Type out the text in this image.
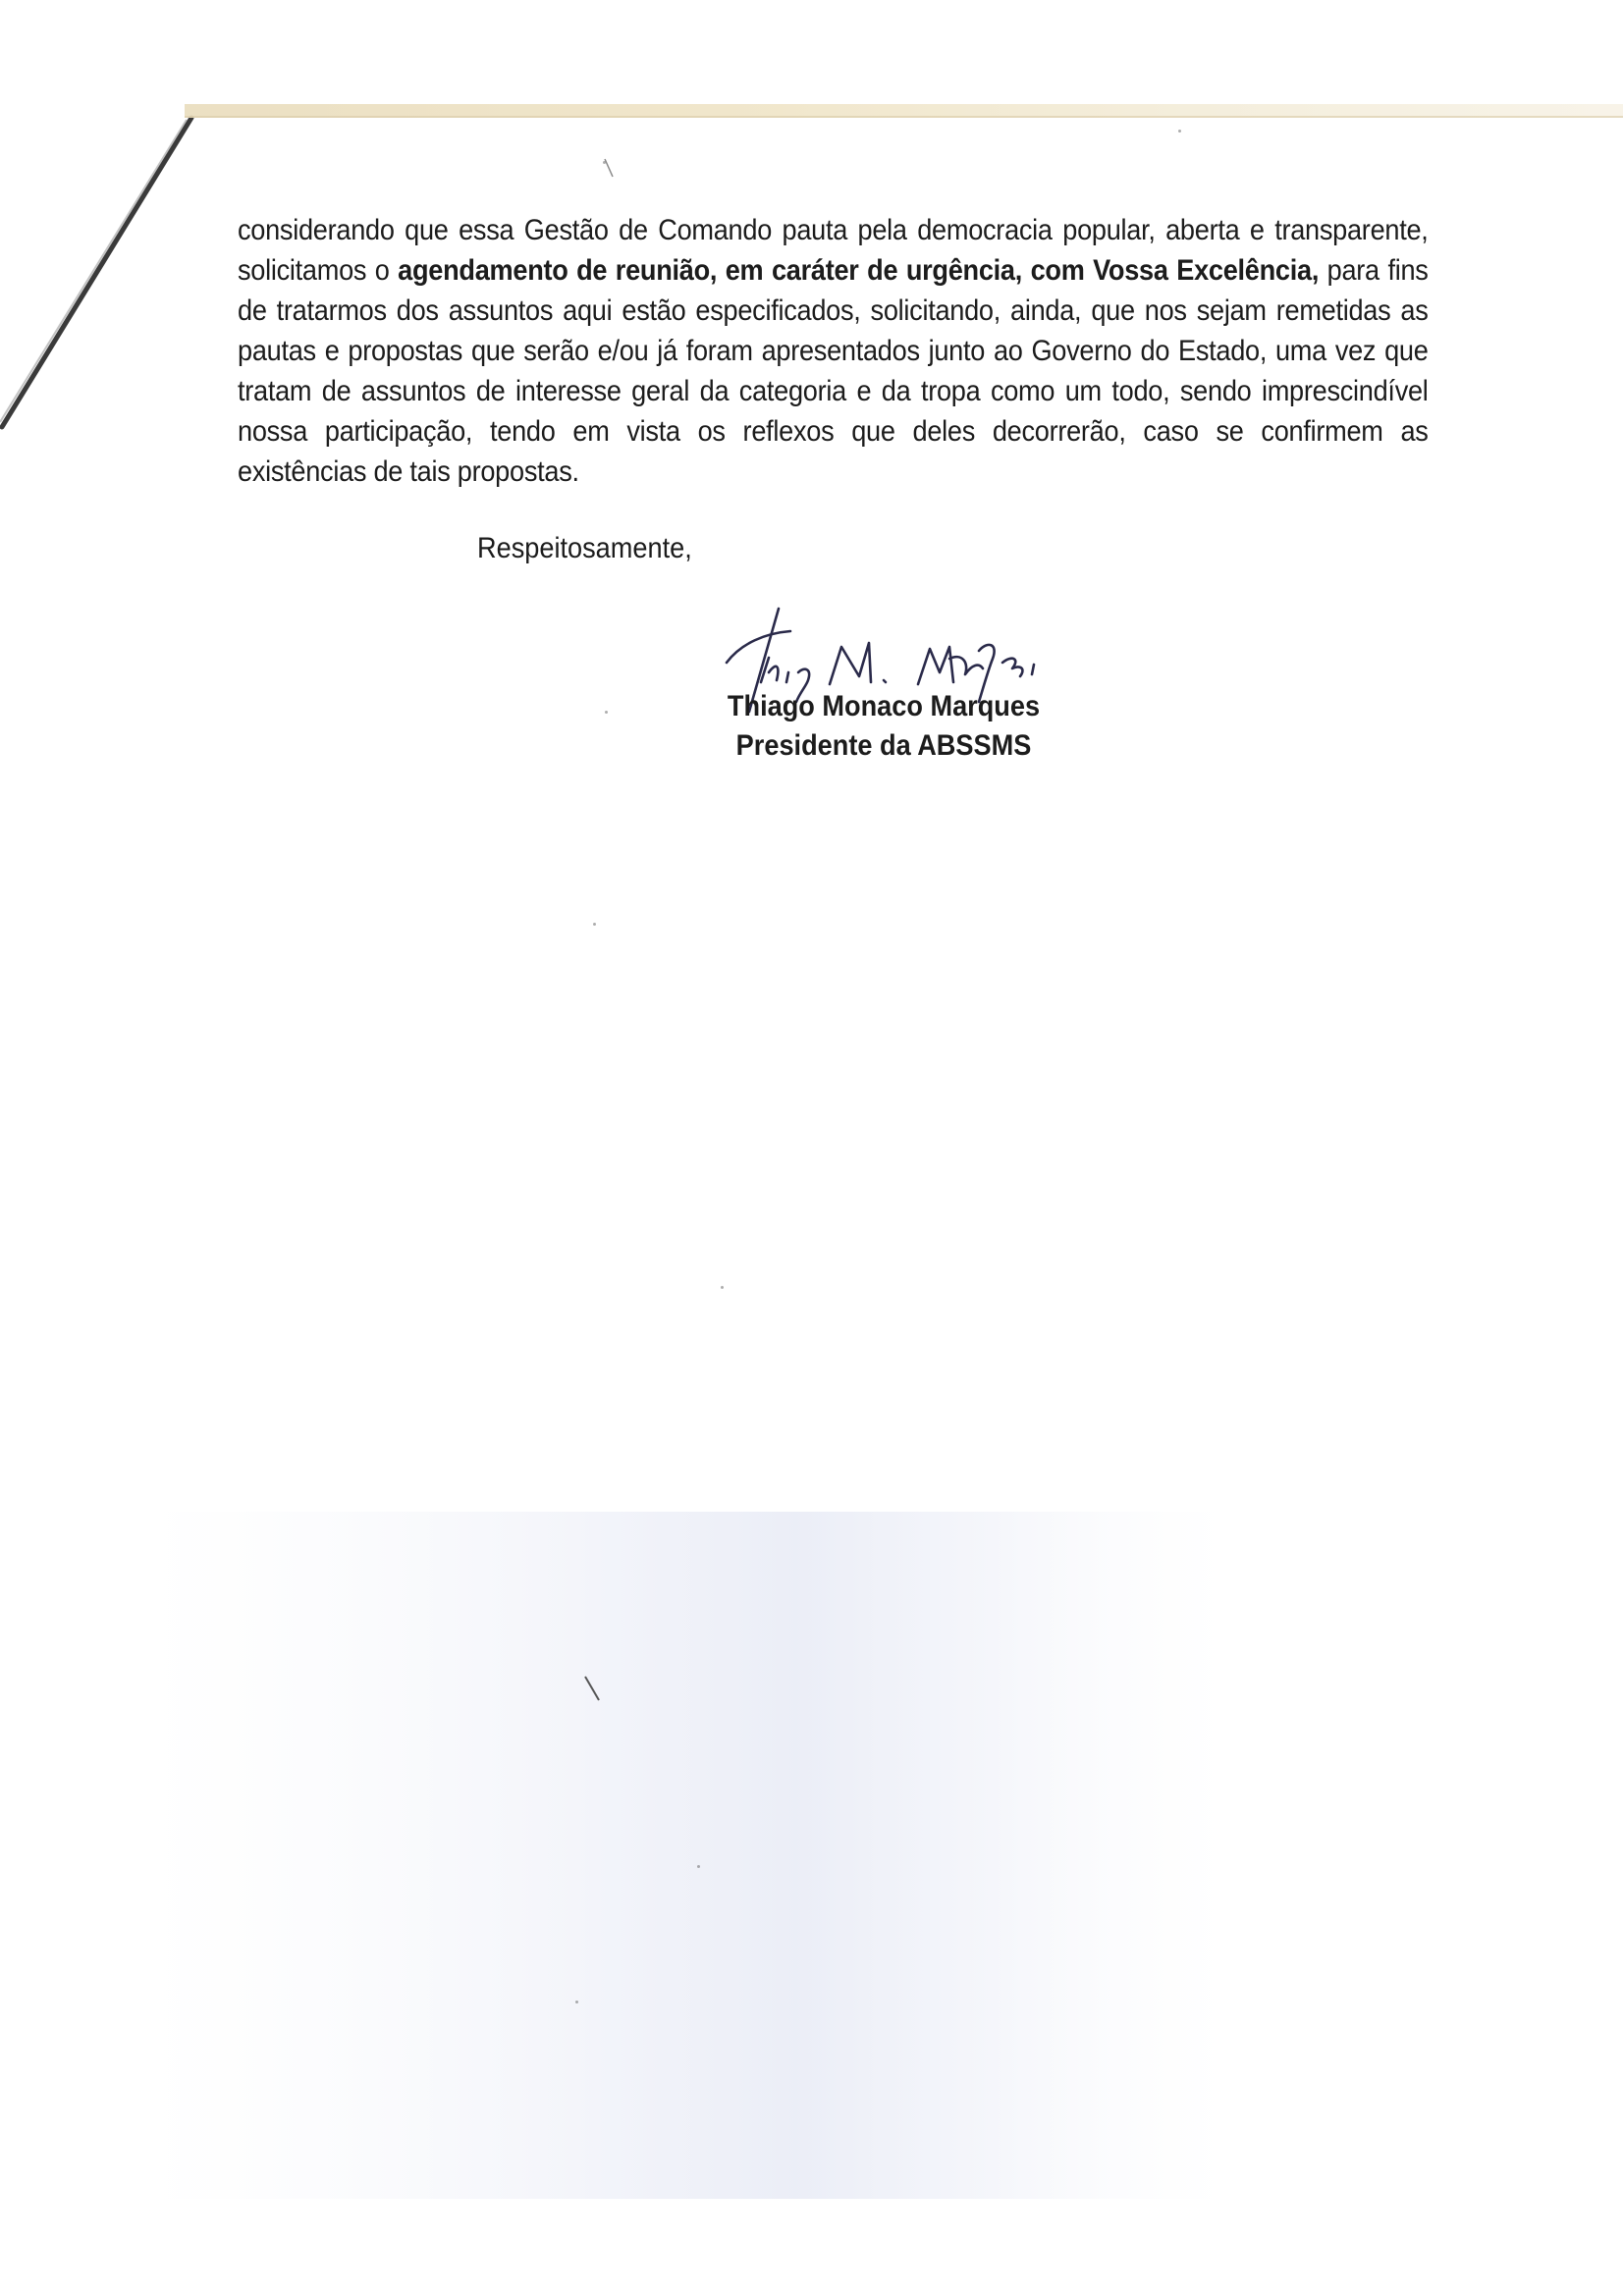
considerando que essa Gestão de Comando pauta pela democracia popular, aberta e transparente, solicitamos o agendamento de reunião, em caráter de urgência, com Vossa Excelência, para fins de tratarmos dos assuntos aqui estão especificados, solicitando, ainda, que nos sejam remetidas as pautas e propostas que serão e/ou já foram apresentados junto ao Governo do Estado, uma vez que tratam de assuntos de interesse geral da categoria e da tropa como um todo, sendo imprescindível nossa participação, tendo em vista os reflexos que deles decorrerão, caso se confirmem as existências de tais propostas.

Respeitosamente,
Thiago Monaco Marques
Presidente da ABSSMS
